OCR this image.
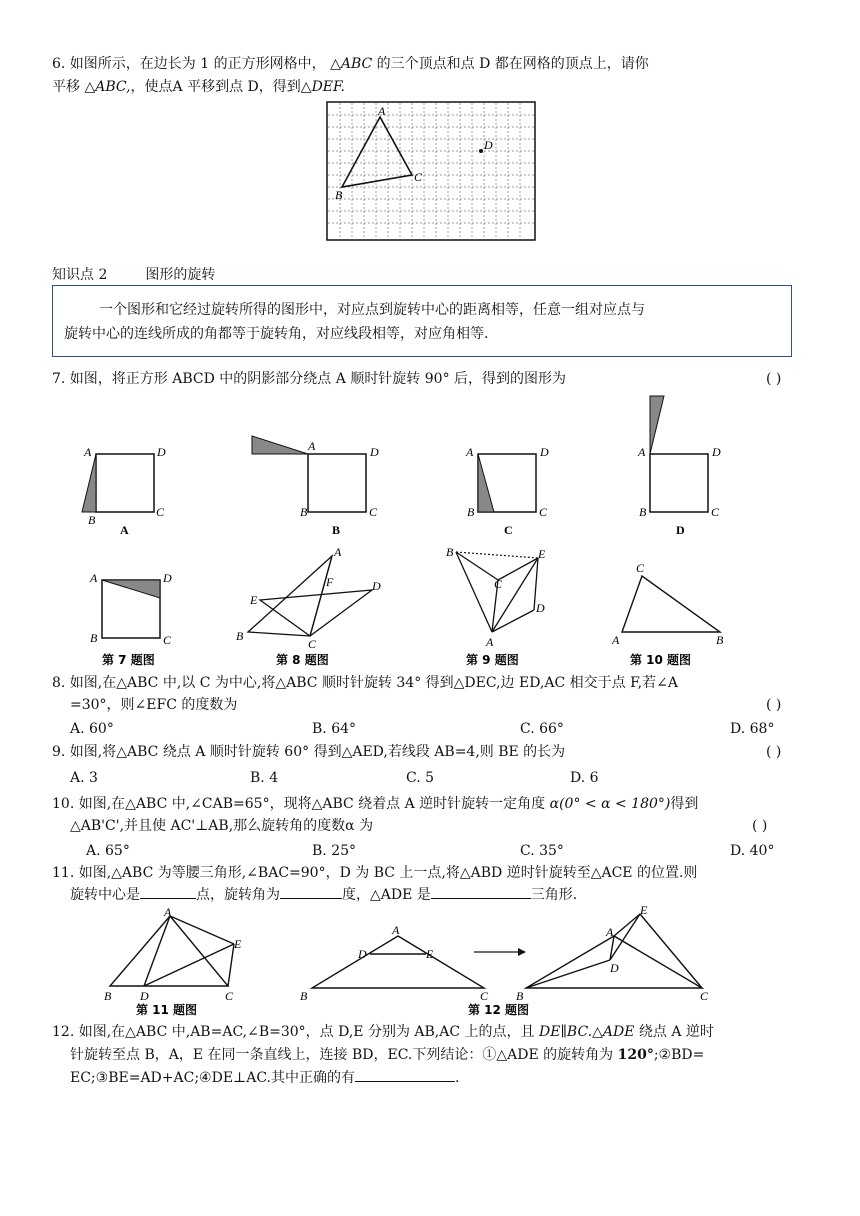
6. 如图所示，在边长为 1 的正方形网格中， △ABC 的三个顶点和点 D 都在网格的顶点上，请你
平移 △ABC,，使点A 平移到点 D，得到△DEF.
A
B
C
D
知识点 2	图形的旋转
一个图形和它经过旋转所得的图形中，对应点到旋转中心的距离相等，任意一组对应点与
旋转中心的连线所成的角都等于旋转角，对应线段相等，对应角相等.
7. 如图，将正方形 ABCD 中的阴影部分绕点 A 顺时针旋转 90° 后，得到的图形为	( )
A	D
B
C
A
A	D
B	C
B
A	D
B	C
C
A	D
B	C
D
A	D
B	C
第 7 题图
A
F
E
D
B
C
第 8 题图
B	E
C
D
A
第 9 题图
C
A	B
第 10 题图
8. 如图,在△ABC 中,以 C 为中心,将△ABC 顺时针旋转 34° 得到△DEC,边 ED,AC 相交于点 F,若∠A
=30°，则∠EFC 的度数为	( )
A. 60°	B. 64°	C. 66°	D. 68°
9. 如图,将△ABC 绕点 A 顺时针旋转 60° 得到△AED,若线段 AB=4,则 BE 的长为	( )
A. 3	B. 4	C. 5	D. 6
10. 如图,在△ABC 中,∠CAB=65°，现将△ABC 绕着点 A 逆时针旋转一定角度 α(0° < α < 180°)得到
△AB'C',并且使 AC'⊥AB,那么旋转角的度数α 为	( )
A. 65°	B. 25°	C. 35°	D. 40°
11. 如图,△ABC 为等腰三角形,∠BAC=90°，D 为 BC 上一点,将△ABD 逆时针旋转至△ACE 的位置.则
旋转中心是	点，旋转角为	度，△ADE 是	三角形.
A
B D	C
E
第 11 题图
A
D	E
B	C
A
E
D
B	C
第 12 题图
12. 如图,在△ABC 中,AB=AC,∠B=30°，点 D,E 分别为 AB,AC 上的点，且 DE∥BC.△ADE 绕点 A 逆时
针旋转至点 B，A，E 在同一条直线上，连接 BD，EC.下列结论：①△ADE 的旋转角为 120°;②BD=
EC;③BE=AD+AC;④DE⊥AC.其中正确的有	.
